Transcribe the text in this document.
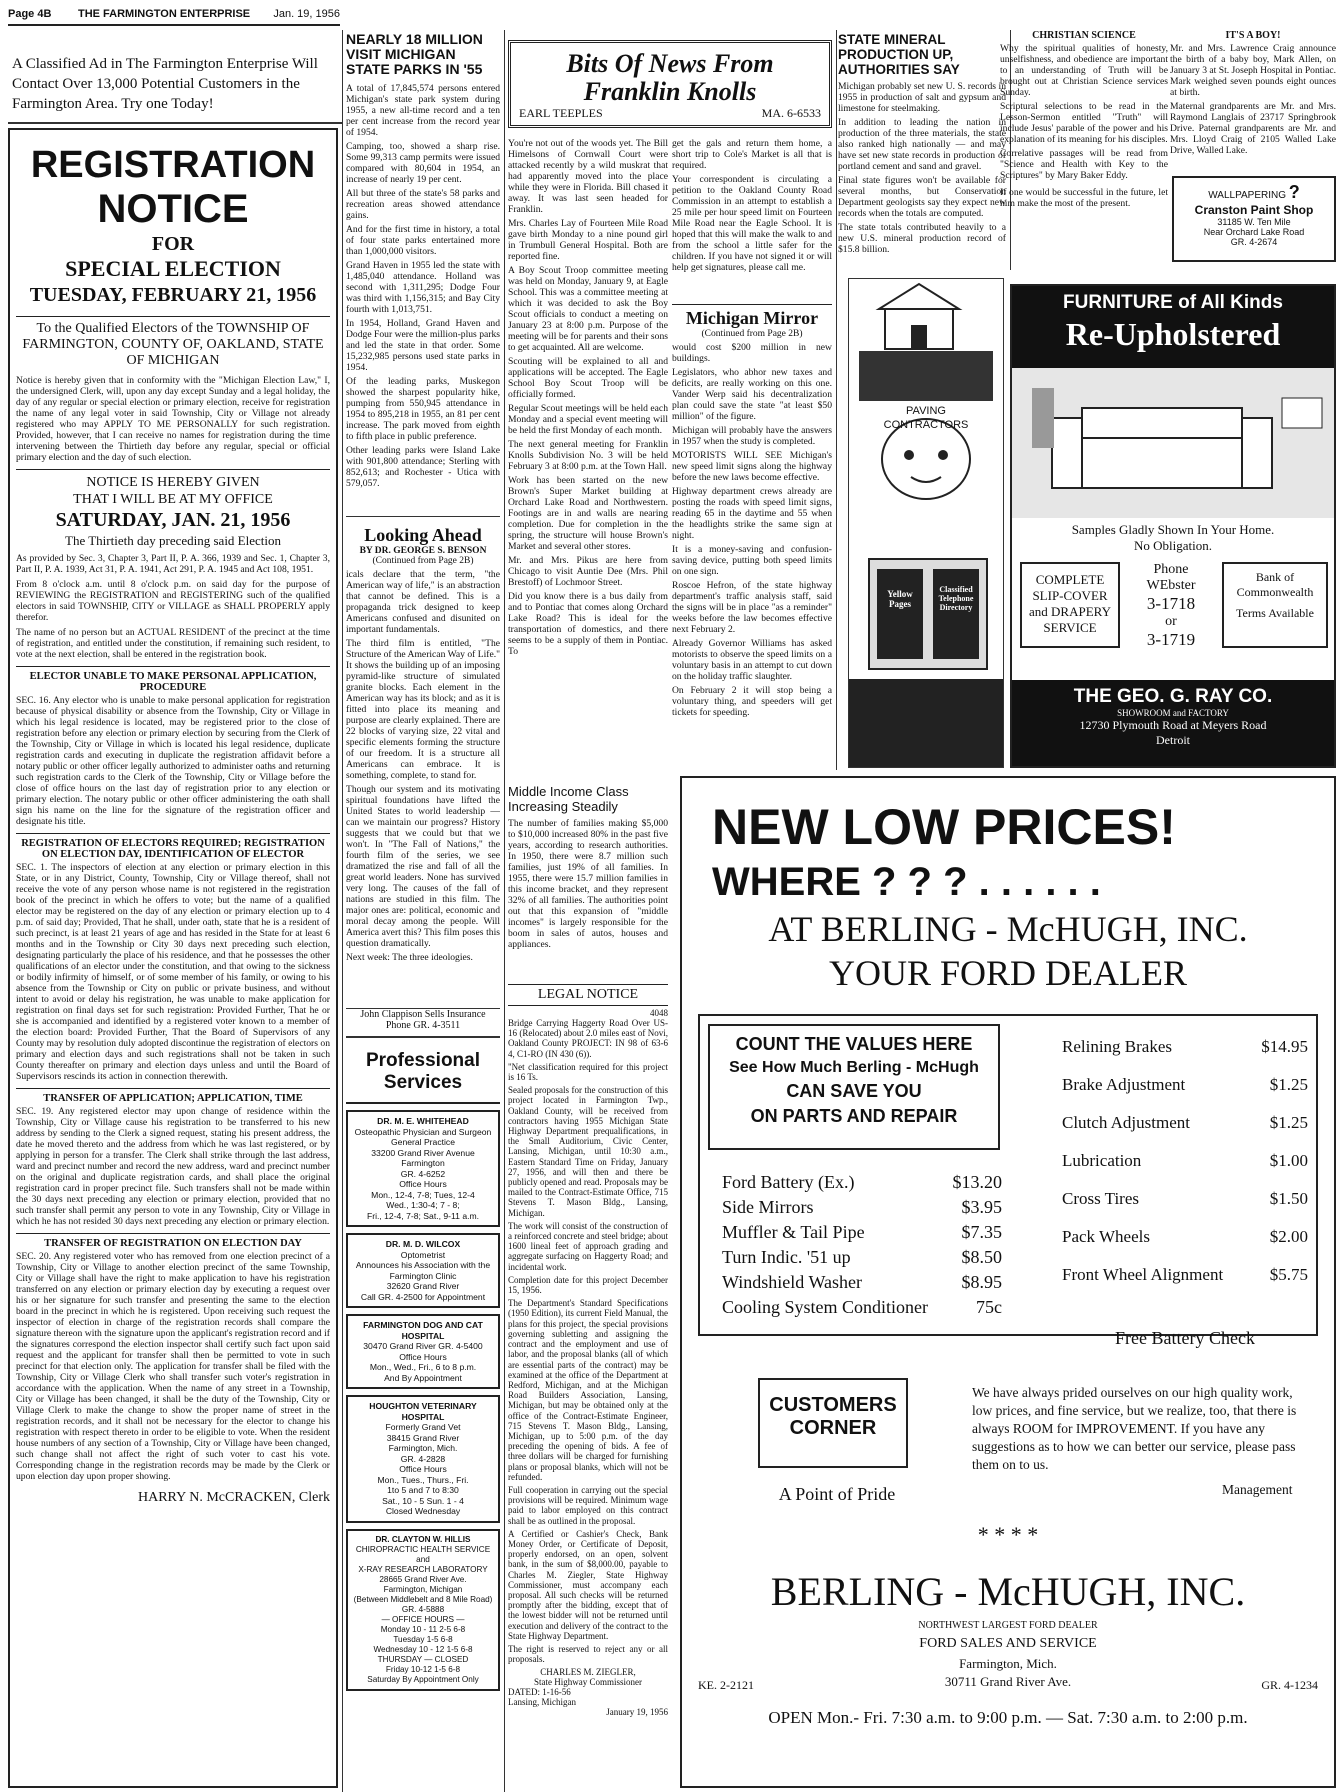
Page 4B THE FARMINGTON ENTERPRISE Jan. 19, 1956
A Classified Ad in The Farmington Enterprise Will Contact Over 13,000 Potential Customers in the Farmington Area. Try one Today!
REGISTRATION
NOTICE
FOR
SPECIAL ELECTION
TUESDAY, FEBRUARY 21, 1956
To the Qualified Electors of the TOWNSHIP OF FARMINGTON, COUNTY OF, OAKLAND, STATE OF MICHIGAN
Notice is hereby given that in conformity with the "Michigan Election Law," I, the undersigned Clerk, will, upon any day except Sunday and a legal holiday, the day of any regular or special election or primary election, receive for registration the name of any legal voter in said Township, City or Village not already registered who may APPLY TO ME PERSONALLY for such registration. Provided, however, that I can receive no names for registration during the time intervening between the Thirtieth day before any regular, special or official primary election and the day of such election.
NOTICE IS HEREBY GIVEN
THAT I WILL BE AT MY OFFICE
SATURDAY, JAN. 21, 1956
The Thirtieth day preceding said Election
As provided by Sec. 3, Chapter 3, Part II, P. A. 366, 1939 and Sec. 1, Chapter 3, Part II, P. A. 1939, Act 31, P. A. 1941, Act 291, P. A. 1945 and Act 108, 1951.
From 8 o'clock a.m. until 8 o'clock p.m. on said day for the purpose of REVIEWING the REGISTRATION and REGISTERING such of the qualified electors in said TOWNSHIP, CITY or VILLAGE as SHALL PROPERLY apply therefor.
The name of no person but an ACTUAL RESIDENT of the precinct at the time of registration, and entitled under the constitution, if remaining such resident, to vote at the next election, shall be entered in the registration book.
ELECTOR UNABLE TO MAKE PERSONAL APPLICATION, PROCEDURE
SEC. 16. Any elector who is unable to make personal application for registration because of physical disability or absence from the Township, City or Village in which his legal residence is located, may be registered prior to the close of registration before any election or primary election by securing from the Clerk of the Township, City or Village in which is located his legal residence, duplicate registration cards and executing in duplicate the registration affidavit before a notary public or other officer legally authorized to administer oaths and returning such registration cards to the Clerk of the Township, City or Village before the close of office hours on the last day of registration prior to any election or primary election. The notary public or other officer administering the oath shall sign his name on the line for the signature of the registration officer and designate his title.
REGISTRATION OF ELECTORS REQUIRED; REGISTRATION ON ELECTION DAY, IDENTIFICATION OF ELECTOR
SEC. 1. The inspectors of election at any election or primary election in this State, or in any District, County, Township, City or Village thereof, shall not receive the vote of any person whose name is not registered in the registration book of the precinct in which he offers to vote; but the name of a qualified elector may be registered on the day of any election or primary election up to 4 p.m. of said day; Provided, That he shall, under oath, state that he is a resident of such precinct, is at least 21 years of age and has resided in the State for at least 6 months and in the Township or City 30 days next preceding such election, designating particularly the place of his residence, and that he possesses the other qualifications of an elector under the constitution, and that owing to the sickness or bodily infirmity of himself, or of some member of his family, or owing to his absence from the Township or City on public or private business, and without intent to avoid or delay his registration, he was unable to make application for registration on final days set for such registration: Provided Further, That he or she is accompanied and identified by a registered voter known to a member of the election board: Provided Further, That the Board of Supervisors of any County may by resolution duly adopted discontinue the registration of electors on primary and election days and such registrations shall not be taken in such County thereafter on primary and election days unless and until the Board of Supervisors rescinds its action in connection therewith.
TRANSFER OF APPLICATION; APPLICATION, TIME
SEC. 19. Any registered elector may upon change of residence within the Township, City or Village cause his registration to be transferred to his new address by sending to the Clerk a signed request, stating his present address, the date he moved thereto and the address from which he was last registered, or by applying in person for a transfer. The Clerk shall strike through the last address, ward and precinct number and record the new address, ward and precinct number on the original and duplicate registration cards, and shall place the original registration card in proper precinct file. Such transfers shall not be made within the 30 days next preceding any election or primary election, provided that no such transfer shall permit any person to vote in any Township, City or Village in which he has not resided 30 days next preceding any election or primary election.
TRANSFER OF REGISTRATION ON ELECTION DAY
SEC. 20. Any registered voter who has removed from one election precinct of a Township, City or Village to another election precinct of the same Township, City or Village shall have the right to make application to have his registration transferred on any election or primary election day by executing a request over his or her signature for such transfer and presenting the same to the election board in the precinct in which he is registered. Upon receiving such request the inspector of election in charge of the registration records shall compare the signature thereon with the signature upon the applicant's registration record and if the signatures correspond the election inspector shall certify such fact upon said request and the applicant for transfer shall then be permitted to vote in such precinct for that election only. The application for transfer shall be filed with the Township, City or Village Clerk who shall transfer such voter's registration in accordance with the application. When the name of any street in a Township, City or Village has been changed, it shall be the duty of the Township, City or Village Clerk to make the change to show the proper name of street in the registration records, and it shall not be necessary for the elector to change his registration with respect thereto in order to be eligible to vote. When the resident house numbers of any section of a Township, City or Village have been changed, such change shall not affect the right of such voter to cast his vote. Corresponding change in the registration records may be made by the Clerk or upon election day upon proper showing.
HARRY N. McCRACKEN, Clerk
NEARLY 18 MILLION VISIT MICHIGAN STATE PARKS IN '55
A total of 17,845,574 persons entered Michigan's state park system during 1955, a new all-time record and a ten per cent increase from the record year of 1954.
Camping, too, showed a sharp rise. Some 99,313 camp permits were issued compared with 80,604 in 1954, an increase of nearly 19 per cent.
All but three of the state's 58 parks and recreation areas showed attendance gains.
And for the first time in history, a total of four state parks entertained more than 1,000,000 visitors.
Grand Haven in 1955 led the state with 1,485,040 attendance. Holland was second with 1,311,295; Dodge Four was third with 1,156,315; and Bay City fourth with 1,013,751.
In 1954, Holland, Grand Haven and Dodge Four were the million-plus parks and led the state in that order. Some 15,232,985 persons used state parks in 1954.
Of the leading parks, Muskegon showed the sharpest popularity hike, pumping from 550,945 attendance in 1954 to 895,218 in 1955, an 81 per cent increase. The park moved from eighth to fifth place in public preference.
Other leading parks were Island Lake with 901,800 attendance; Sterling with 852,613; and Rochester - Utica with 579,057.
Looking Ahead
BY DR. GEORGE S. BENSON
(Continued from Page 2B)
icals declare that the term, "the American way of life," is an abstraction that cannot be defined. This is a propaganda trick designed to keep Americans confused and disunited on important fundamentals.
The third film is entitled, "The Structure of the American Way of Life." It shows the building up of an imposing pyramid-like structure of simulated granite blocks. Each element in the American way has its block; and as it is fitted into place its meaning and purpose are clearly explained. There are 22 blocks of varying size, 22 vital and specific elements forming the structure of our freedom. It is a structure all Americans can embrace. It is something, complete, to stand for.
Though our system and its motivating spiritual foundations have lifted the United States to world leadership — can we maintain our progress? History suggests that we could but that we won't. In "The Fall of Nations," the fourth film of the series, we see dramatized the rise and fall of all the great world leaders. None has survived very long. The causes of the fall of nations are studied in this film. The major ones are: political, economic and moral decay among the people. Will America avert this? This film poses this question dramatically.
Next week: The three ideologies.
John Clappison Sells Insurance
Phone GR. 4-3511
Professional Services
DR. M. E. WHITEHEAD
Osteopathic Physician and Surgeon
General Practice
33200 Grand River Avenue
Farmington
GR. 4-6252
Office Hours
Mon., 12-4, 7-8; Tues, 12-4
Wed., 1:30-4; 7 - 8;
Fri., 12-4, 7-8; Sat., 9-11 a.m.
DR. M. D. WILCOX
Optometrist
Announces his Association with the Farmington Clinic
32620 Grand River
Call GR. 4-2500 for Appointment
FARMINGTON DOG AND CAT HOSPITAL
30470 Grand River GR. 4-5400
Office Hours
Mon., Wed., Fri., 6 to 8 p.m.
And By Appointment
HOUGHTON VETERINARY HOSPITAL
Formerly Grand Vet
38415 Grand River
Farmington, Mich.
GR. 4-2828
Office Hours
Mon., Tues., Thurs., Fri.
1to 5 and 7 to 8:30
Sat., 10 - 5 Sun. 1 - 4
Closed Wednesday
DR. CLAYTON W. HILLIS
CHIROPRACTIC HEALTH SERVICE
and
X-RAY RESEARCH LABORATORY
28665 Grand River Ave.
Farmington, Michigan
(Between Middlebelt and 8 Mile Road)
GR. 4-5888
— OFFICE HOURS —
Monday 10 - 11 2-5 6-8
Tuesday 1-5 6-8
Wednesday 10 - 12 1-5 6-8
THURSDAY — CLOSED
Friday 10-12 1-5 6-8
Saturday By Appointment Only
Bits Of News From
Franklin Knolls
EARL TEEPLES	MA. 6-6533
You're not out of the woods yet. The Bill Himelsons of Cornwall Court were attacked recently by a wild muskrat that had apparently moved into the place while they were in Florida. Bill chased it away. It was last seen headed for Franklin.
Mrs. Charles Lay of Fourteen Mile Road gave birth Monday to a nine pound girl in Trumbull General Hospital. Both are reported fine.
A Boy Scout Troop committee meeting was held on Monday, January 9, at Eagle School. This was a committee meeting at which it was decided to ask the Boy Scout officials to conduct a meeting on January 23 at 8:00 p.m. Purpose of the meeting will be for parents and their sons to get acquainted. All are welcome.
Scouting will be explained to all and applications will be accepted. The Eagle School Boy Scout Troop will be officially formed.
Regular Scout meetings will be held each Monday and a special event meeting will be held the first Monday of each month.
The next general meeting for Franklin Knolls Subdivision No. 3 will be held February 3 at 8:00 p.m. at the Town Hall.
Work has been started on the new Brown's Super Market building at Orchard Lake Road and Northwestern. Footings are in and walls are nearing completion. Due for completion in the spring, the structure will house Brown's Market and several other stores.
Mr. and Mrs. Pikus are here from Chicago to visit Auntie Dee (Mrs. Phil Brestoff) of Lochmoor Street.
Did you know there is a bus daily from and to Pontiac that comes along Orchard Lake Road? This is ideal for the transportation of domestics, and there seems to be a supply of them in Pontiac. To
get the gals and return them home, a short trip to Cole's Market is all that is required.
Your correspondent is circulating a petition to the Oakland County Road Commission in an attempt to establish a 25 mile per hour speed limit on Fourteen Mile Road near the Eagle School. It is hoped that this will make the walk to and from the school a little safer for the children. If you have not signed it or will help get signatures, please call me.
Michigan Mirror
(Continued from Page 2B)
would cost $200 million in new buildings.
Legislators, who abhor new taxes and deficits, are really working on this one. Vander Werp said his decentralization plan could save the state "at least $50 million" of the figure.
Michigan will probably have the answers in 1957 when the study is completed.
MOTORISTS WILL SEE Michigan's new speed limit signs along the highway before the new laws become effective.
Highway department crews already are posting the roads with speed limit signs, reading 65 in the daytime and 55 when the headlights strike the same sign at night.
It is a money-saving and confusion-saving device, putting both speed limits on one sign.
Roscoe Hefron, of the state highway department's traffic analysis staff, said the signs will be in place "as a reminder" weeks before the law becomes effective next February 2.
Already Governor Williams has asked motorists to observe the speed limits on a voluntary basis in an attempt to cut down on the holiday traffic slaughter.
On February 2 it will stop being a voluntary thing, and speeders will get tickets for speeding.
Middle Income Class Increasing Steadily
The number of families making $5,000 to $10,000 increased 80% in the past five years, according to research authorities. In 1950, there were 8.7 million such families, just 19% of all families. In 1955, there were 15.7 million families in this income bracket, and they represent 32% of all families. The authorities point out that this expansion of "middle incomes" is largely responsible for the boom in sales of autos, houses and appliances.
LEGAL NOTICE
4048
Bridge Carrying Haggerty Road Over US-16 (Relocated) about 2.0 miles east of Novi, Oakland County PROJECT: IN 98 of 63-6 4, C1-RO (IN 430 (6)).
"Net classification required for this project is 16 Ts.
Sealed proposals for the construction of this project located in Farmington Twp., Oakland County, will be received from contractors having 1955 Michigan State Highway Department prequalifications, in the Small Auditorium, Civic Center, Lansing, Michigan, until 10:30 a.m., Eastern Standard Time on Friday, January 27, 1956, and will then and there be publicly opened and read. Proposals may be mailed to the Contract-Estimate Office, 715 Stevens T. Mason Bldg., Lansing, Michigan.
The work will consist of the construction of a reinforced concrete and steel bridge; about 1600 lineal feet of approach grading and aggregate surfacing on Haggerty Road; and incidental work.
Completion date for this project December 15, 1956.
The Department's Standard Specifications (1950 Edition), its current Field Manual, the plans for this project, the special provisions governing subletting and assigning the contract and the employment and use of labor, and the proposal blanks (all of which are essential parts of the contract) may be examined at the office of the Department at Redford, Michigan, and at the Michigan Road Builders Association, Lansing, Michigan, but may be obtained only at the office of the Contract-Estimate Engineer, 715 Stevens T. Mason Bldg., Lansing, Michigan, up to 5:00 p.m. of the day preceding the opening of bids. A fee of three dollars will be charged for furnishing plans or proposal blanks, which will not be refunded.
Full cooperation in carrying out the special provisions will be required. Minimum wage paid to labor employed on this contract shall be as outlined in the proposal.
A Certified or Cashier's Check, Bank Money Order, or Certificate of Deposit, properly endorsed, on an open, solvent bank, in the sum of $8,000.00, payable to Charles M. Ziegler, State Highway Commissioner, must accompany each proposal. All such checks will be returned promptly after the bidding, except that of the lowest bidder will not be returned until execution and delivery of the contract to the State Highway Department.
The right is reserved to reject any or all proposals.
CHARLES M. ZIEGLER,
State Highway Commissioner
DATED: 1-16-56
Lansing, Michigan
January 19, 1956
STATE MINERAL PRODUCTION UP, AUTHORITIES SAY
Michigan probably set new U. S. records in 1955 in production of salt and gypsum and limestone for steelmaking.
In addition to leading the nation in production of the three materials, the state also ranked high nationally — and may have set new state records in production of portland cement and sand and gravel.
Final state figures won't be available for several months, but Conservation Department geologists say they expect new records when the totals are computed.
The state totals contributed heavily to a new U.S. mineral production record of $15.8 billion.
PAVING
CONTRACTORS
Yellow Pages
Classified Telephone Directory
CHRISTIAN SCIENCE
Why the spiritual qualities of honesty, unselfishness, and obedience are important to an understanding of Truth will be brought out at Christian Science services Sunday.
Scriptural selections to be read in the Lesson-Sermon entitled "Truth" will include Jesus' parable of the power and his explanation of its meaning for his disciples.
Correlative passages will be read from "Science and Health with Key to the Scriptures" by Mary Baker Eddy.
If one would be successful in the future, let him make the most of the present.
IT'S A BOY!
Mr. and Mrs. Lawrence Craig announce the birth of a baby boy, Mark Allen, on January 3 at St. Joseph Hospital in Pontiac. Mark weighed seven pounds eight ounces at birth.
Maternal grandparents are Mr. and Mrs. Raymond Langlais of 23717 Springbrook Drive. Paternal grandparents are Mr. and Mrs. Lloyd Craig of 2105 Walled Lake Drive, Walled Lake.
WALLPAPERING ?
Cranston Paint Shop
31185 W. Ten Mile
Near Orchard Lake Road
GR. 4-2674
FURNITURE of All Kinds
Re-Upholstered
Samples Gladly Shown In Your Home.
No Obligation.
COMPLETE SLIP-COVER and DRAPERY SERVICE
Phone
WEbster
3-1718
or
3-1719
Bank of Commonwealth
Terms Available
THE GEO. G. RAY CO.
SHOWROOM and FACTORY
12730 Plymouth Road at Meyers Road
Detroit
NEW LOW PRICES!
WHERE ? ? ? . . . . . .
AT BERLING - McHUGH, INC.
YOUR FORD DEALER
COUNT THE VALUES HERE
See How Much Berling - McHugh
CAN SAVE YOU
ON PARTS AND REPAIR
Ford Battery (Ex.)	$13.20
Side Mirrors	$3.95
Muffler & Tail Pipe	$7.35
Turn Indic. '51 up	$8.50
Windshield Washer	$8.95
Cooling System Conditioner	75c
Relining Brakes	$14.95
Brake Adjustment	$1.25
Clutch Adjustment	$1.25
Lubrication	$1.00
Cross Tires	$1.50
Pack Wheels	$2.00
Front Wheel Alignment	$5.75
Free Battery Check
CUSTOMERS
CORNER
A Point of Pride
We have always prided ourselves on our high quality work, low prices, and fine service, but we realize, too, that there is always ROOM for IMPROVEMENT. If you have any suggestions as to how we can better our service, please pass them on to us.
Management
* * * *
BERLING - McHUGH, INC.
NORTHWEST LARGEST FORD DEALER
FORD SALES AND SERVICE
Farmington, Mich.
30711 Grand River Ave.
KE. 2-2121	GR. 4-1234
OPEN Mon.- Fri. 7:30 a.m. to 9:00 p.m. — Sat. 7:30 a.m. to 2:00 p.m.
